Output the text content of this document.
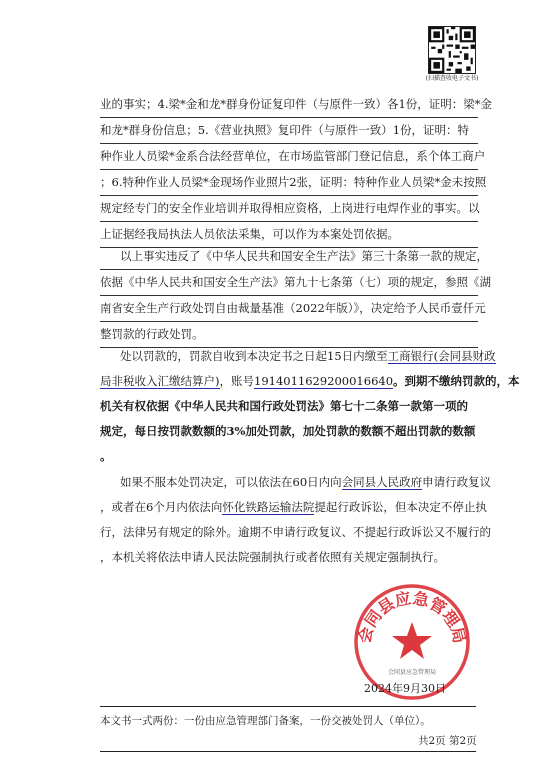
(扫描查收电子文书)
业的事实；4.梁*金和龙*群身份证复印件（与原件一致）各1份，证明：梁*金
和龙*群身份信息；5.《营业执照》复印件（与原件一致）1份，证明：特
种作业人员梁*金系合法经营单位，在市场监管部门登记信息，系个体工商户
；6.特种作业人员梁*金现场作业照片2张，证明：特种作业人员梁*金未按照
规定经专门的安全作业培训并取得相应资格，上岗进行电焊作业的事实。以
上证据经我局执法人员依法采集，可以作为本案处罚依据。
以上事实违反了《中华人民共和国安全生产法》第三十条第一款的规定，
依据《中华人民共和国安全生产法》第九十七条第（七）项的规定，参照《湖
南省安全生产行政处罚自由裁量基准（2022年版）》，决定给予人民币壹仟元
整罚款的行政处罚。
处以罚款的，罚款自收到本决定书之日起15日内缴至工商银行(会同县财政
局非税收入汇缴结算户)，账号1914011629200016640。到期不缴纳罚款的，本
机关有权依据《中华人民共和国行政处罚法》第七十二条第一款第一项的
规定，每日按罚款数额的3%加处罚款，加处罚款的数额不超出罚款的数额
。
如果不服本处罚决定，可以依法在60日内向会同县人民政府申请行政复议
，或者在6个月内依法向怀化铁路运输法院提起行政诉讼，但本决定不停止执
行，法律另有规定的除外。逾期不申请行政复议、不提起行政诉讼又不履行的
，本机关将依法申请人民法院强制执行或者依照有关规定强制执行。
会同县应急管理局
会同县应急管理局
2024年9月30日
本文书一式两份：一份由应急管理部门备案，一份交被处罚人（单位）。
共2页 第2页
